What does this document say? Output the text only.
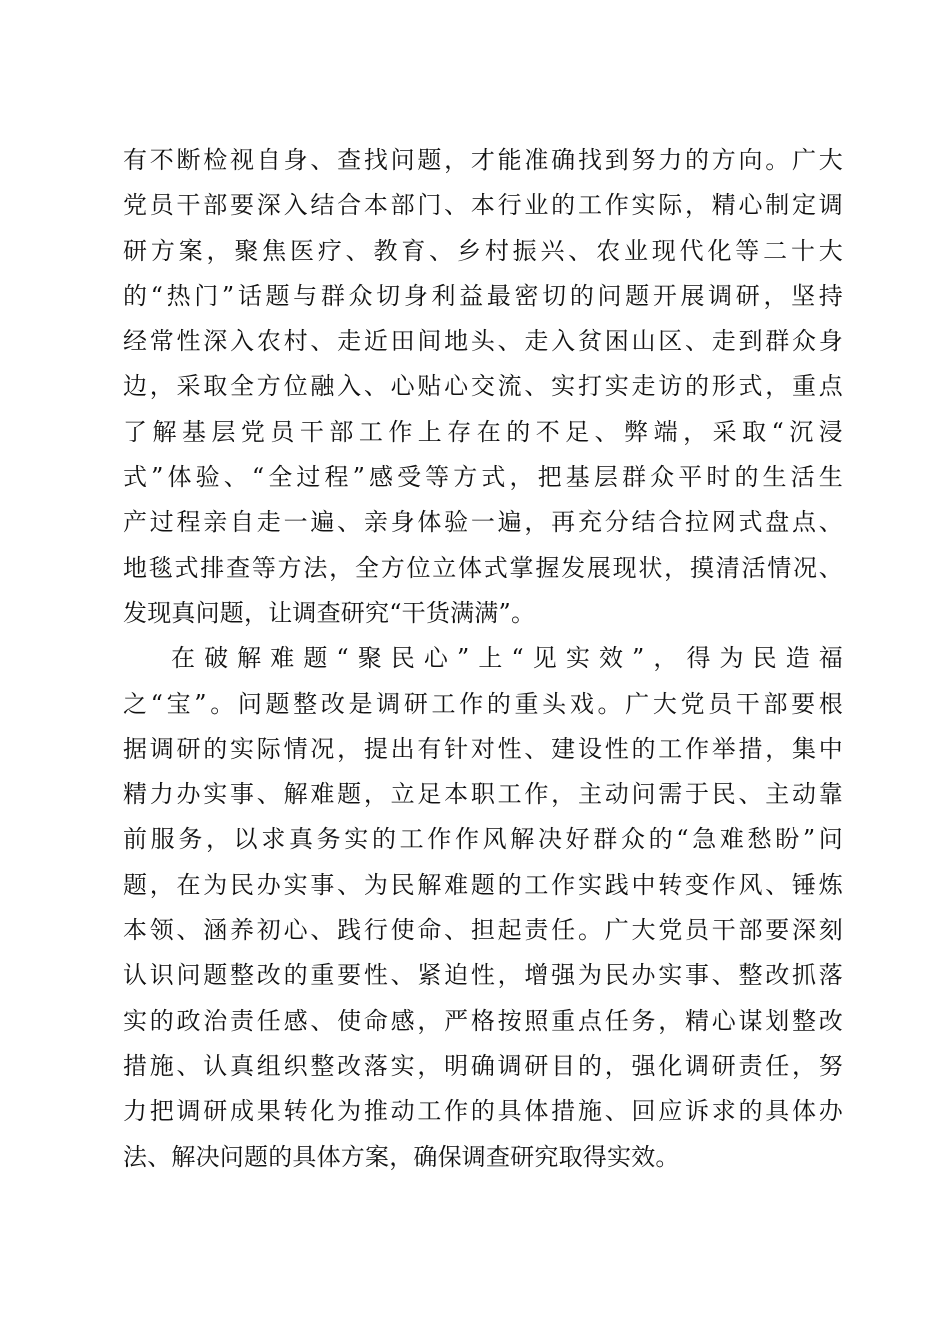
有不断检视自身、查找问题，才能准确找到努力的方向。广大
党员干部要深入结合本部门、本行业的工作实际，精心制定调
研方案，聚焦医疗、教育、乡村振兴、农业现代化等二十大
的“热门”话题与群众切身利益最密切的问题开展调研，坚持
经常性深入农村、走近田间地头、走入贫困山区、走到群众身
边，采取全方位融入、心贴心交流、实打实走访的形式，重点
了解基层党员干部工作上存在的不足、弊端，采取“沉浸
式”体验、“全过程”感受等方式，把基层群众平时的生活生
产过程亲自走一遍、亲身体验一遍，再充分结合拉网式盘点、
地毯式排查等方法，全方位立体式掌握发展现状，摸清活情况、
发现真问题，让调查研究“干货满满”。
在破解难题“聚民心”上“见实效”，得为民造福
之“宝”。问题整改是调研工作的重头戏。广大党员干部要根
据调研的实际情况，提出有针对性、建设性的工作举措，集中
精力办实事、解难题，立足本职工作，主动问需于民、主动靠
前服务，以求真务实的工作作风解决好群众的“急难愁盼”问
题，在为民办实事、为民解难题的工作实践中转变作风、锤炼
本领、涵养初心、践行使命、担起责任。广大党员干部要深刻
认识问题整改的重要性、紧迫性，增强为民办实事、整改抓落
实的政治责任感、使命感，严格按照重点任务，精心谋划整改
措施、认真组织整改落实，明确调研目的，强化调研责任，努
力把调研成果转化为推动工作的具体措施、回应诉求的具体办
法、解决问题的具体方案，确保调查研究取得实效。
